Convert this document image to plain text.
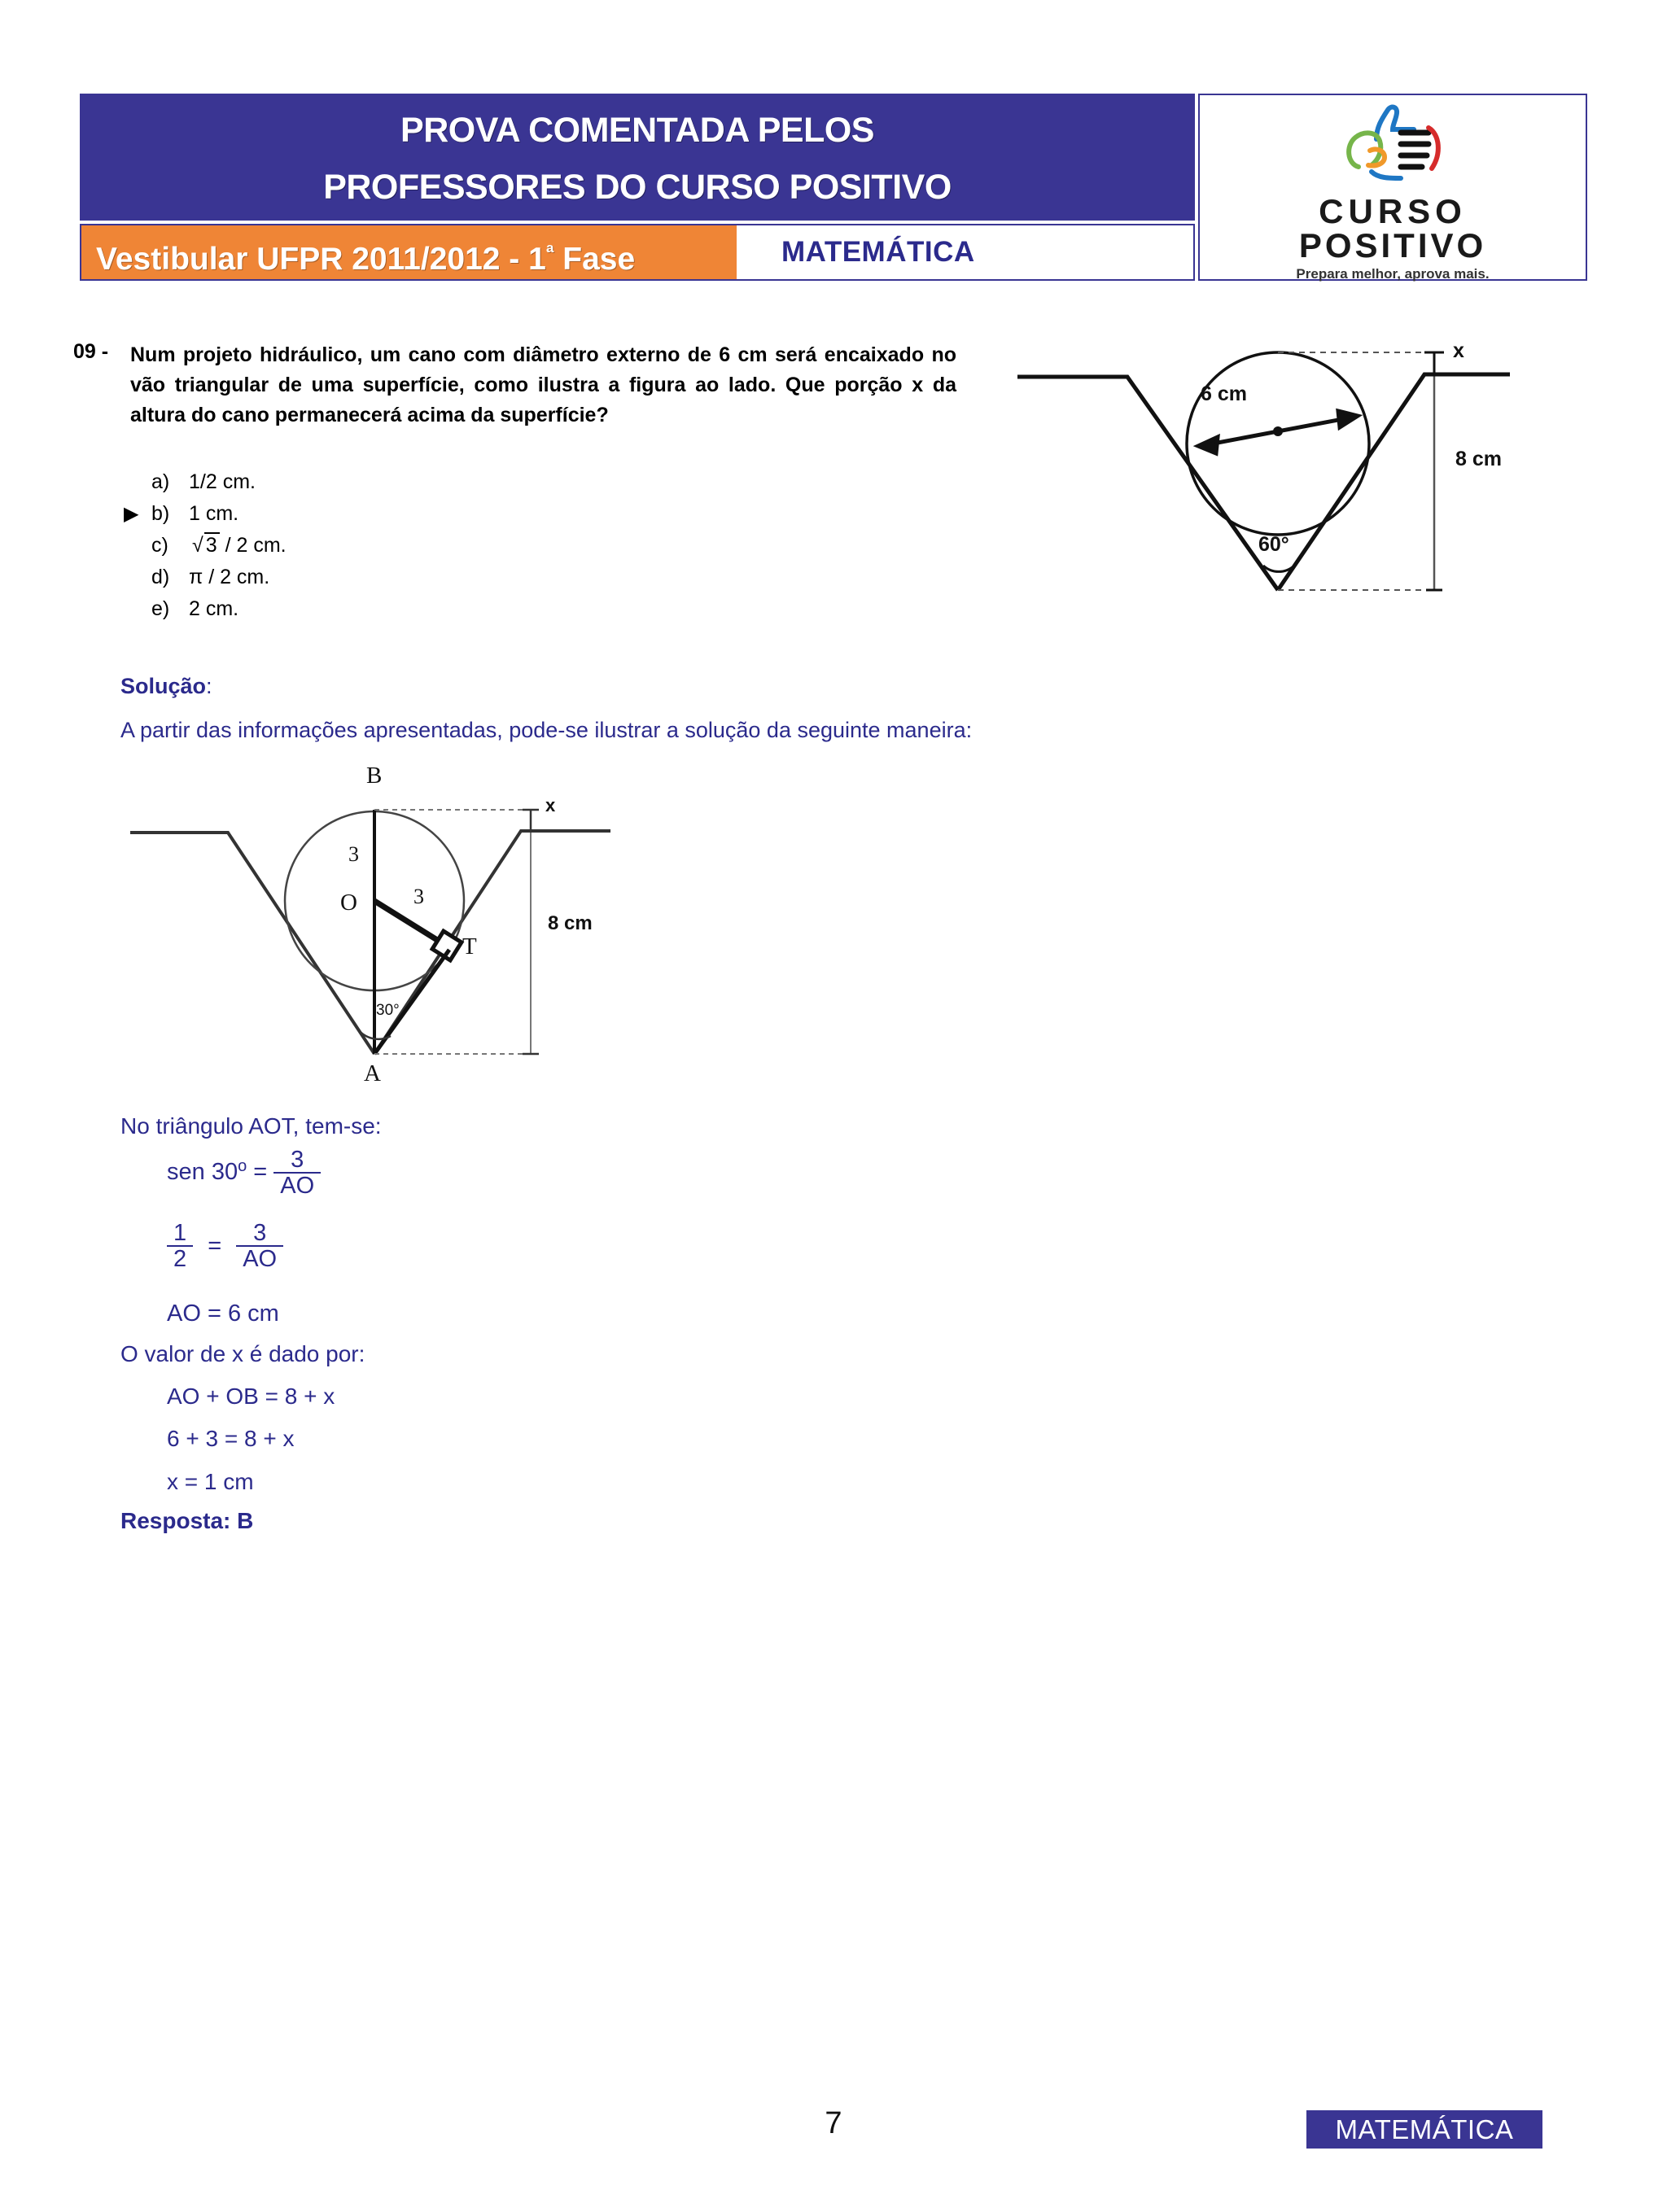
PROVA COMENTADA PELOS
PROFESSORES DO CURSO POSITIVO
Vestibular UFPR $2011/2012 - 1^ª$ Fase	MATEMÁTICA
CURSO
POSITIVO
Prepara melhor, aprova mais.
09 - Num projeto hidráulico, um cano com diâmetro externo de 6 cm será encaixado no vão triangular de uma superfície, como ilustra a figura ao lado. Que porção x da altura do cano permanecerá acima da superfície?
a) 1/2 cm.
▶ b) 1 cm.
c)	√ 3 / 2 cm.
d) π / 2 cm.
e) 2 cm.
6 cm
x
8 cm
60°
B
3
O	3
T
A
30°
x
8 cm
Solução:
A partir das informações apresentadas, pode-se ilustrar a solução da seguinte maneira:
No triângulo AOT, tem-se:
sen $30^o = \frac{3}{AO}$
$\frac{1}{2} = \frac{3}{AO}$
AO = 6 cm
O valor de x é dado por:
AO + OB = 8 + x
6 + 3 = 8 + x
x = 1 cm
Resposta: B
7	MATEMÁTICA
